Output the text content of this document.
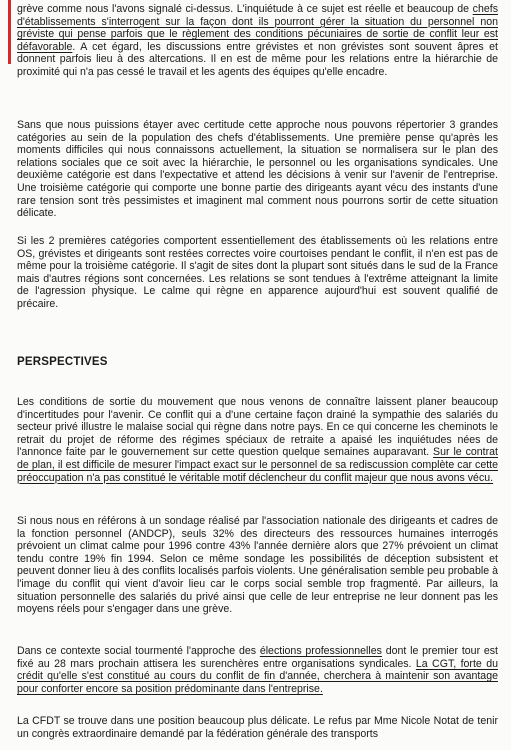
grève comme nous l'avons signalé ci-dessus. L'inquiétude à ce sujet est réelle et beaucoup de chefs d'établissements s'interrogent sur la façon dont ils pourront gérer la situation du personnel non gréviste qui pense parfois que le règlement des conditions pécuniaires de sortie de conflit leur est défavorable. A cet égard, les discussions entre grévistes et non grévistes sont souvent âpres et donnent parfois lieu à des altercations. Il en est de même pour les relations entre la hiérarchie de proximité qui n'a pas cessé le travail et les agents des équipes qu'elle encadre.

Sans que nous puissions étayer avec certitude cette approche nous pouvons répertorier 3 grandes catégories au sein de la population des chefs d'établissements. Une première pense qu'après les moments difficiles qui nous connaissons actuellement, la situation se normalisera sur le plan des relations sociales que ce soit avec la hiérarchie, le personnel ou les organisations syndicales. Une deuxième catégorie est dans l'expectative et attend les décisions à venir sur l'avenir de l'entreprise. Une troisième catégorie qui comporte une bonne partie des dirigeants ayant vécu des instants d'une rare tension sont très pessimistes et imaginent mal comment nous pourrons sortir de cette situation délicate.

Si les 2 premières catégories comportent essentiellement des établissements où les relations entre OS, grévistes et dirigeants sont restées correctes voire courtoises pendant le conflit, il n'en est pas de même pour la troisième catégorie. Il s'agit de sites dont la plupart sont situés dans le sud de la France mais d'autres régions sont concernées. Les relations se sont tendues à l'extrême atteignant la limite de l'agression physique. Le calme qui règne en apparence aujourd'hui est souvent qualifié de précaire.

PERSPECTIVES

Les conditions de sortie du mouvement que nous venons de connaître laissent planer beaucoup d'incertitudes pour l'avenir. Ce conflit qui a d'une certaine façon drainé la sympathie des salariés du secteur privé illustre le malaise social qui règne dans notre pays. En ce qui concerne les cheminots le retrait du projet de réforme des régimes spéciaux de retraite a apaisé les inquiétudes nées de l'annonce faite par le gouvernement sur cette question quelque semaines auparavant. Sur le contrat de plan, il est difficile de mesurer l'impact exact sur le personnel de sa rediscussion complète car cette préoccupation n'a pas constitué le véritable motif déclencheur du conflit majeur que nous avons vécu.

Si nous nous en référons à un sondage réalisé par l'association nationale des dirigeants et cadres de la fonction personnel (ANDCP), seuls 32% des directeurs des ressources humaines interrogés prévoient un climat calme pour 1996 contre 43% l'année dernière alors que 27% prévoient un climat tendu contre 19% fin 1994. Selon ce même sondage les possibilités de déception subsistent et peuvent donner lieu à des conflits localisés parfois violents. Une généralisation semble peu probable à l'image du conflit qui vient d'avoir lieu car le corps social semble trop fragmenté. Par ailleurs, la situation personnelle des salariés du privé ainsi que celle de leur entreprise ne leur donnent pas les moyens réels pour s'engager dans une grève.

Dans ce contexte social tourmenté l'approche des élections professionnelles dont le premier tour est fixé au 28 mars prochain attisera les surenchères entre organisations syndicales. La CGT, forte du crédit qu'elle s'est constitué au cours du conflit de fin d'année, cherchera à maintenir son avantage pour conforter encore sa position prédominante dans l'entreprise.

La CFDT se trouve dans une position beaucoup plus délicate. Le refus par Mme Nicole Notat de tenir un congrès extraordinaire demandé par la fédération générale des transports
